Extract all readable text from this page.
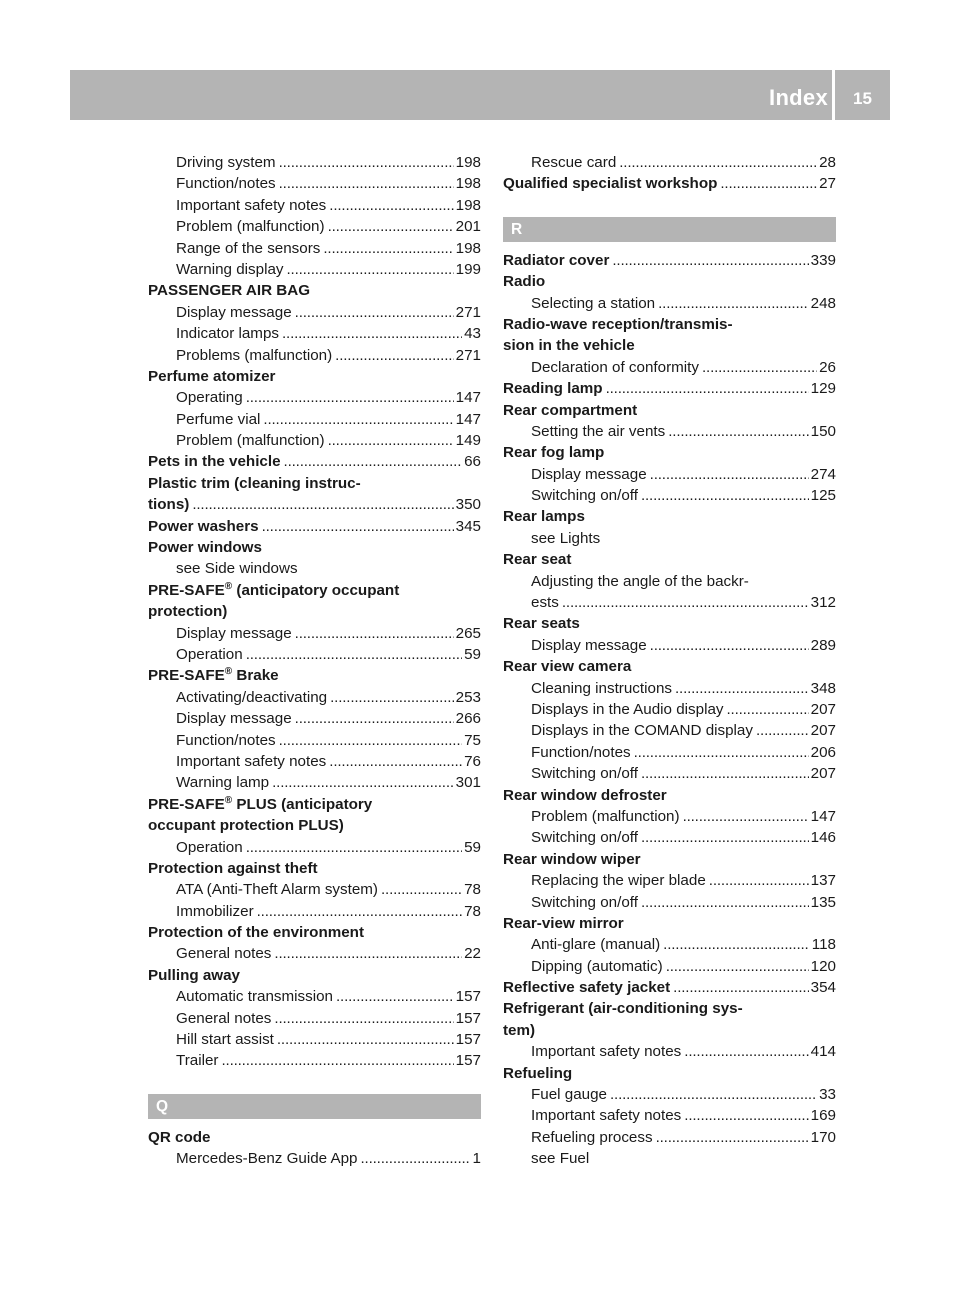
Index	15
Driving system . . .	198
Function/notes . . .	198
Important safety notes . . .	198
Problem (malfunction) . . .	201
Range of the sensors . . .	198
Warning display . . .	199
PASSENGER AIR BAG
Display message . . .	271
Indicator lamps . . .	43
Problems (malfunction) . . .	271
Perfume atomizer
Operating . . .	147
Perfume vial . . .	147
Problem (malfunction) . . .	149
Pets in the vehicle . . .	66
Plastic trim (cleaning instruc-
tions) . . .	350
Power washers . . .	345
Power windows
see Side windows
PRE-SAFE® (anticipatory occupant
protection)
Display message . . .	265
Operation . . .	59
PRE-SAFE® Brake
Activating/deactivating . . .	253
Display message . . .	266
Function/notes . . .	75
Important safety notes . . .	76
Warning lamp . . .	301
PRE-SAFE® PLUS (anticipatory
occupant protection PLUS)
Operation . . .	59
Protection against theft
ATA (Anti-Theft Alarm system) . . .	78
Immobilizer . . .	78
Protection of the environment
General notes . . .	22
Pulling away
Automatic transmission . . .	157
General notes . . .	157
Hill start assist . . .	157
Trailer . . .	157
Q
QR code
Mercedes-Benz Guide App . . .	1
Rescue card . . .	28
Qualified specialist workshop . . .	27
R
Radiator cover . . .	339
Radio
Selecting a station . . .	248
Radio-wave reception/transmis-
sion in the vehicle
Declaration of conformity . . .	26
Reading lamp . . .	129
Rear compartment
Setting the air vents . . .	150
Rear fog lamp
Display message . . .	274
Switching on/off . . .	125
Rear lamps
see Lights
Rear seat
Adjusting the angle of the backr-
ests . . .	312
Rear seats
Display message . . .	289
Rear view camera
Cleaning instructions . . .	348
Displays in the Audio display . . .	207
Displays in the COMAND display . . .	207
Function/notes . . .	206
Switching on/off . . .	207
Rear window defroster
Problem (malfunction) . . .	147
Switching on/off . . .	146
Rear window wiper
Replacing the wiper blade . . .	137
Switching on/off . . .	135
Rear-view mirror
Anti-glare (manual) . . .	118
Dipping (automatic) . . .	120
Reflective safety jacket . . .	354
Refrigerant (air-conditioning sys-
tem)
Important safety notes . . .	414
Refueling
Fuel gauge . . .	33
Important safety notes . . .	169
Refueling process . . .	170
see Fuel
